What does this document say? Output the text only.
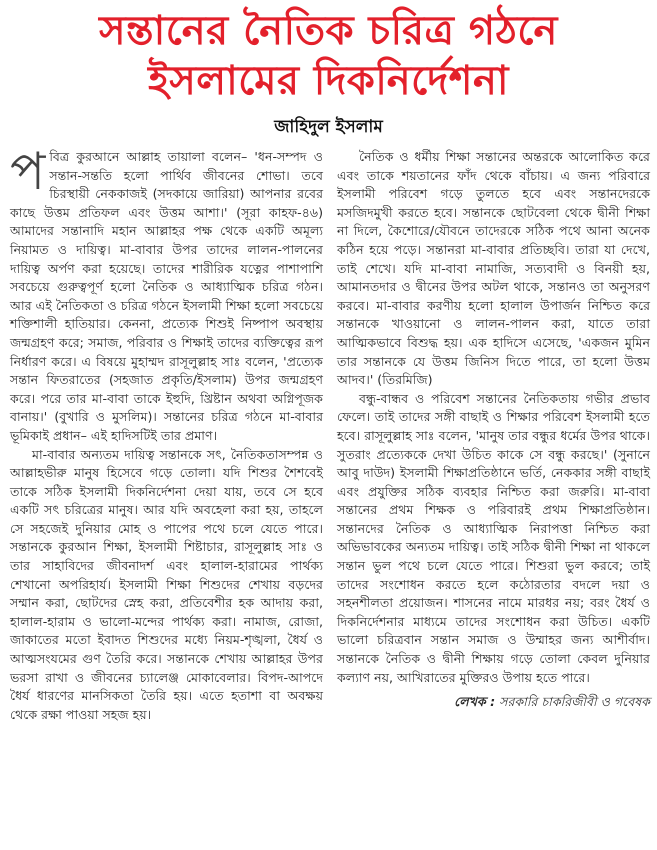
সন্তানের নৈতিক চরিত্র গঠনে
ইসলামের দিকনির্দেশনা
জাহিদুল ইসলাম

পবিত্র কুরআনে আল্লাহ তায়ালা বলেন– 'ধন-সম্পদ ও সন্তান-সন্ততি হলো পার্থিব জীবনের শোভা। তবে চিরস্থায়ী নেককাজই (সদকায়ে জারিয়া) আপনার রবের কাছে উত্তম প্রতিফল এবং উত্তম আশা।' (সূরা কাহফ-৪৬) আমাদের সন্তানাদি মহান আল্লাহর পক্ষ থেকে একটি অমূল্য নিয়ামত ও দায়িত্ব। মা-বাবার উপর তাদের লালন-পালনের দায়িত্ব অর্পণ করা হয়েছে। তাদের শারীরিক যত্নের পাশাপাশি সবচেয়ে গুরুত্বপূর্ণ হলো নৈতিক ও আধ্যাত্মিক চরিত্র গঠন। আর এই নৈতিকতা ও চরিত্র গঠনে ইসলামী শিক্ষা হলো সবচেয়ে শক্তিশালী হাতিয়ার। কেননা, প্রত্যেক শিশুই নিষ্পাপ অবস্থায় জন্মগ্রহণ করে; সমাজ, পরিবার ও শিক্ষাই তাদের ব্যক্তিত্বের রূপ নির্ধারণ করে। এ বিষয়ে মুহাম্মদ রাসূলুল্লাহ সাঃ বলেন, 'প্রত্যেক সন্তান ফিতরাতের (সহজাত প্রকৃতি/ইসলাম) উপর জন্মগ্রহণ করে। পরে তার মা-বাবা তাকে ইহুদি, খ্রিষ্টান অথবা অগ্নিপূজক বানায়।' (বুখারি ও মুসলিম)। সন্তানের চরিত্র গঠনে মা-বাবার ভূমিকাই প্রধান– এই হাদিসটিই তার প্রমাণ।

মা-বাবার অন্যতম দায়িত্ব সন্তানকে সৎ, নৈতিকতাসম্পন্ন ও আল্লাহভীরু মানুষ হিসেবে গড়ে তোলা। যদি শিশুর শৈশবেই তাকে সঠিক ইসলামী দিকনির্দেশনা দেয়া যায়, তবে সে হবে একটি সৎ চরিত্রের মানুষ। আর যদি অবহেলা করা হয়, তাহলে সে সহজেই দুনিয়ার মোহ ও পাপের পথে চলে যেতে পারে। সন্তানকে কুরআন শিক্ষা, ইসলামী শিষ্টাচার, রাসূলুল্লাহ সাঃ ও তার সাহাবিদের জীবনাদর্শ এবং হালাল-হারামের পার্থক্য শেখানো অপরিহার্য। ইসলামী শিক্ষা শিশুদের শেখায় বড়দের সম্মান করা, ছোটদের স্নেহ করা, প্রতিবেশীর হক আদায় করা, হালাল-হারাম ও ভালো-মন্দের পার্থক্য করা। নামাজ, রোজা, জাকাতের মতো ইবাদত শিশুদের মধ্যে নিয়ম-শৃঙ্খলা, ধৈর্য ও আত্মসংযমের গুণ তৈরি করে। সন্তানকে শেখায় আল্লাহর উপর ভরসা রাখা ও জীবনের চ্যালেঞ্জ মোকাবেলার। বিপদ-আপদে ধৈর্য ধারণের মানসিকতা তৈরি হয়। এতে হতাশা বা অবক্ষয় থেকে রক্ষা পাওয়া সহজ হয়।

নৈতিক ও ধর্মীয় শিক্ষা সন্তানের অন্তরকে আলোকিত করে এবং তাকে শয়তানের ফাঁদ থেকে বাঁচায়। এ জন্য পরিবারে ইসলামী পরিবেশ গড়ে তুলতে হবে এবং সন্তানদেরকে মসজিদমুখী করতে হবে। সন্তানকে ছোটবেলা থেকে দ্বীনী শিক্ষা না দিলে, কৈশোরে/যৌবনে তাদেরকে সঠিক পথে আনা অনেক কঠিন হয়ে পড়ে। সন্তানরা মা-বাবার প্রতিচ্ছবি। তারা যা দেখে, তাই শেখে। যদি মা-বাবা নামাজি, সত্যবাদী ও বিনয়ী হয়, আমানতদার ও দ্বীনের উপর অটল থাকে, সন্তানও তা অনুসরণ করবে। মা-বাবার করণীয় হলো হালাল উপার্জন নিশ্চিত করে সন্তানকে খাওয়ানো ও লালন-পালন করা, যাতে তারা আত্মিকভাবে বিশুদ্ধ হয়। এক হাদিসে এসেছে, 'একজন মুমিন তার সন্তানকে যে উত্তম জিনিস দিতে পারে, তা হলো উত্তম আদব।' (তিরমিজি)

বন্ধু-বান্ধব ও পরিবেশ সন্তানের নৈতিকতায় গভীর প্রভাব ফেলে। তাই তাদের সঙ্গী বাছাই ও শিক্ষার পরিবেশ ইসলামী হতে হবে। রাসূলুল্লাহ সাঃ বলেন, 'মানুষ তার বন্ধুর ধর্মের উপর থাকে। সুতরাং প্রত্যেককে দেখা উচিত কাকে সে বন্ধু করছে।' (সুনানে আবু দাউদ) ইসলামী শিক্ষাপ্রতিষ্ঠানে ভর্তি, নেককার সঙ্গী বাছাই এবং প্রযুক্তির সঠিক ব্যবহার নিশ্চিত করা জরুরি। মা-বাবা সন্তানের প্রথম শিক্ষক ও পরিবারই প্রথম শিক্ষাপ্রতিষ্ঠান। সন্তানদের নৈতিক ও আধ্যাত্মিক নিরাপত্তা নিশ্চিত করা অভিভাবকের অন্যতম দায়িত্ব। তাই সঠিক দ্বীনী শিক্ষা না থাকলে সন্তান ভুল পথে চলে যেতে পারে। শিশুরা ভুল করবে; তাই তাদের সংশোধন করতে হলে কঠোরতার বদলে দয়া ও সহনশীলতা প্রয়োজন। শাসনের নামে মারধর নয়; বরং ধৈর্য ও দিকনির্দেশনার মাধ্যমে তাদের সংশোধন করা উচিত। একটি ভালো চরিত্রবান সন্তান সমাজ ও উম্মাহর জন্য আশীর্বাদ। সন্তানকে নৈতিক ও দ্বীনী শিক্ষায় গড়ে তোলা কেবল দুনিয়ার কল্যাণ নয়, আখিরাতের মুক্তিরও উপায় হতে পারে।

লেখক : সরকারি চাকরিজীবী ও গবেষক
